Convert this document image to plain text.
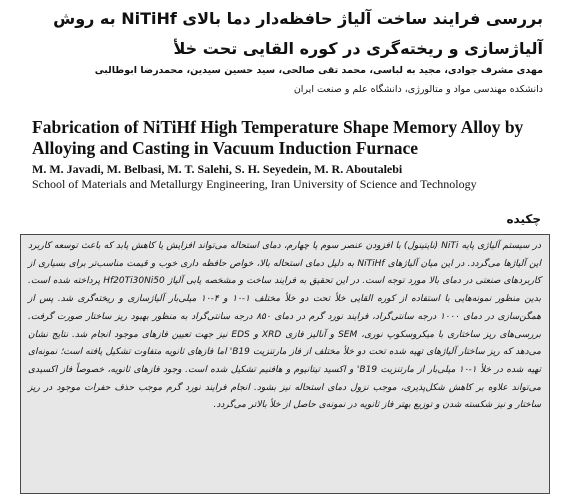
بررسی فرایند ساخت آلیاژ حافظه‌دار دما بالای NiTiHf به روش آلیاژسازی و ریخته‌گری در کوره القایی تحت خلأ
مهدی مشرف جوادی، مجید به لباسی، محمد تقی صالحی، سید حسین سیدین، محمدرضا ابوطالبی
دانشکده مهندسی مواد و متالورژی، دانشگاه علم و صنعت ایران
Fabrication of NiTiHf High Temperature Shape Memory Alloy by Alloying and Casting in Vacuum Induction Furnace
M. M. Javadi, M. Belbasi, M. T. Salehi, S. H. Seyedein, M. R. Aboutalebi
School of Materials and Metallurgy Engineering, Iran University of Science and Technology
چکیده
در سیستم آلیاژی پایه NiTi (نایتینول) با افزودن عنصر سوم یا چهارم، دمای استحاله می‌تواند افزایش یا کاهش یابد که باعث توسعه کاربرد این آلیاژها می‌گردد. در این میان آلیاژهای NiTiHf به دلیل دمای استحاله بالا، خواص حافظه داری خوب و قیمت مناسب‌تر برای بسیاری از کاربردهای صنعتی در دمای بالا مورد توجه است. در این تحقیق به فرایند ساخت و مشخصه یابی آلیاژ Hf20Ti30Ni50 پرداخته شده است. بدین منظور نمونه‌هایی با استفاده از کوره القایی خلأ تحت دو خلأ مختلف ۱-۱۰ و ۴-۱۰ میلی‌بار آلیاژسازی و ریخته‌گری شد. پس از همگن‌سازی در دمای ۱۰۰۰ درجه سانتی‌گراد، فرایند نورد گرم در دمای ۸۵۰ درجه سانتی‌گراد به منظور بهبود ریز ساختار صورت گرفت. بررسی‌های ریز ساختاری با میکروسکوپ نوری، SEM و آنالیز فازی XRD و EDS نیز جهت تعیین فازهای موجود انجام شد. نتایج نشان می‌دهد که ریز ساختار آلیاژهای تهیه شده تحت دو خلأ مختلف از فاز مارتنزیت B19' اما فازهای ثانویه متفاوت تشکیل یافته است؛ نمونه‌ای تهیه شده در خلأ ۱-۱۰ میلی‌بار از مارتنزیت B19' و اکسید تیتانیوم و هافنیم تشکیل شده است. وجود فازهای ثانویه، خصوصاً فاز اکسیدی می‌تواند علاوه بر کاهش شکل‌پذیری، موجب نزول دمای استحاله نیز بشود. انجام فرایند نورد گرم موجب حذف حفرات موجود در ریز ساختار و نیز شکسته شدن و توزیع بهتر فاز ثانویه در نمونه‌ی حاصل از خلأ بالاتر می‌گردد.
